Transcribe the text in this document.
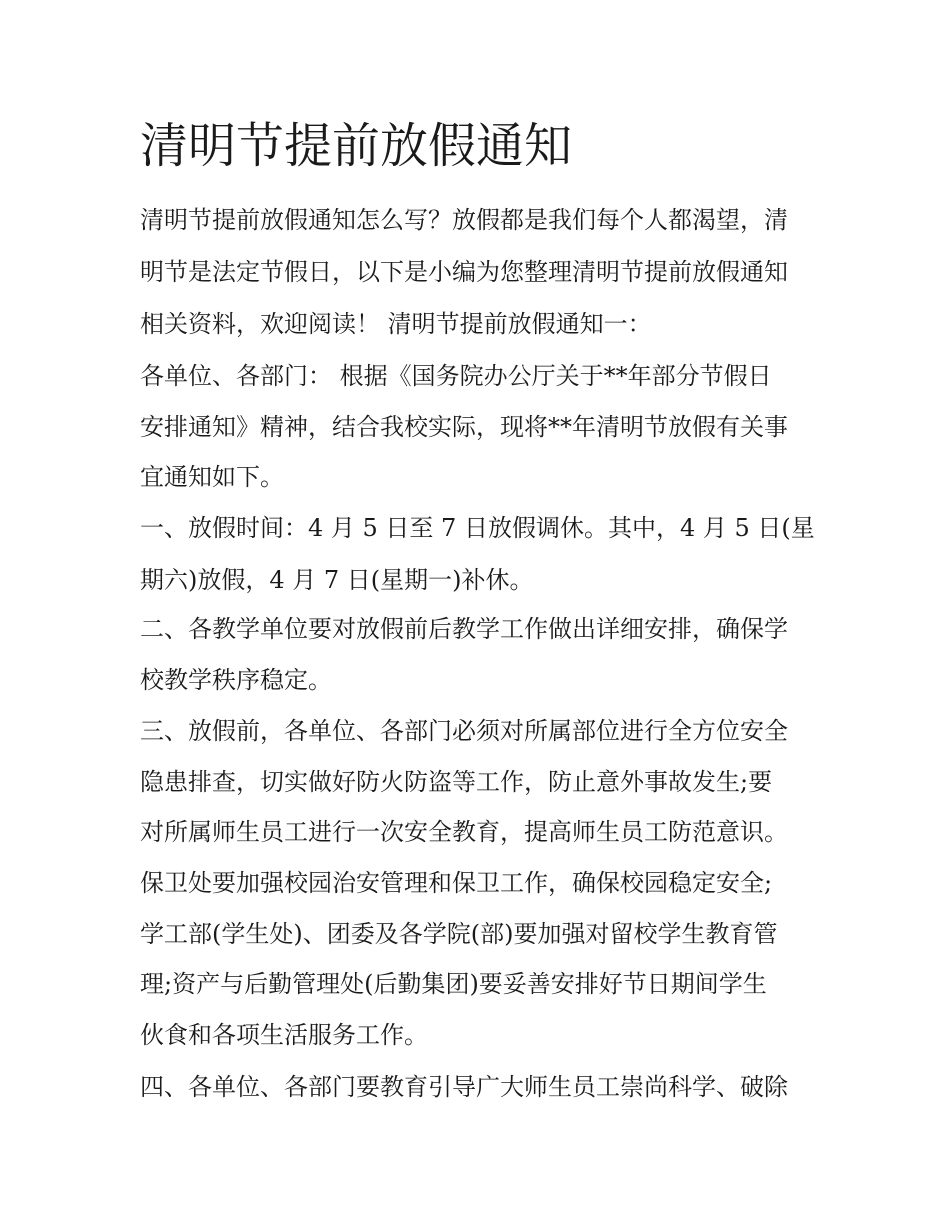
清明节提前放假通知
清明节提前放假通知怎么写？放假都是我们每个人都渴望，清
明节是法定节假日，以下是小编为您整理清明节提前放假通知
相关资料，欢迎阅读！ 清明节提前放假通知一：
各单位、各部门： 根据《国务院办公厅关于**年部分节假日
安排通知》精神，结合我校实际，现将**年清明节放假有关事
宜通知如下。
一、放假时间：4 月 5 日至 7 日放假调休。其中，4 月 5 日(星
期六)放假，4 月 7 日(星期一)补休。
二、各教学单位要对放假前后教学工作做出详细安排，确保学
校教学秩序稳定。
三、放假前，各单位、各部门必须对所属部位进行全方位安全
隐患排查，切实做好防火防盗等工作，防止意外事故发生;要
对所属师生员工进行一次安全教育，提高师生员工防范意识。
保卫处要加强校园治安管理和保卫工作，确保校园稳定安全;
学工部(学生处)、团委及各学院(部)要加强对留校学生教育管
理;资产与后勤管理处(后勤集团)要妥善安排好节日期间学生
伙食和各项生活服务工作。
四、各单位、各部门要教育引导广大师生员工崇尚科学、破除
